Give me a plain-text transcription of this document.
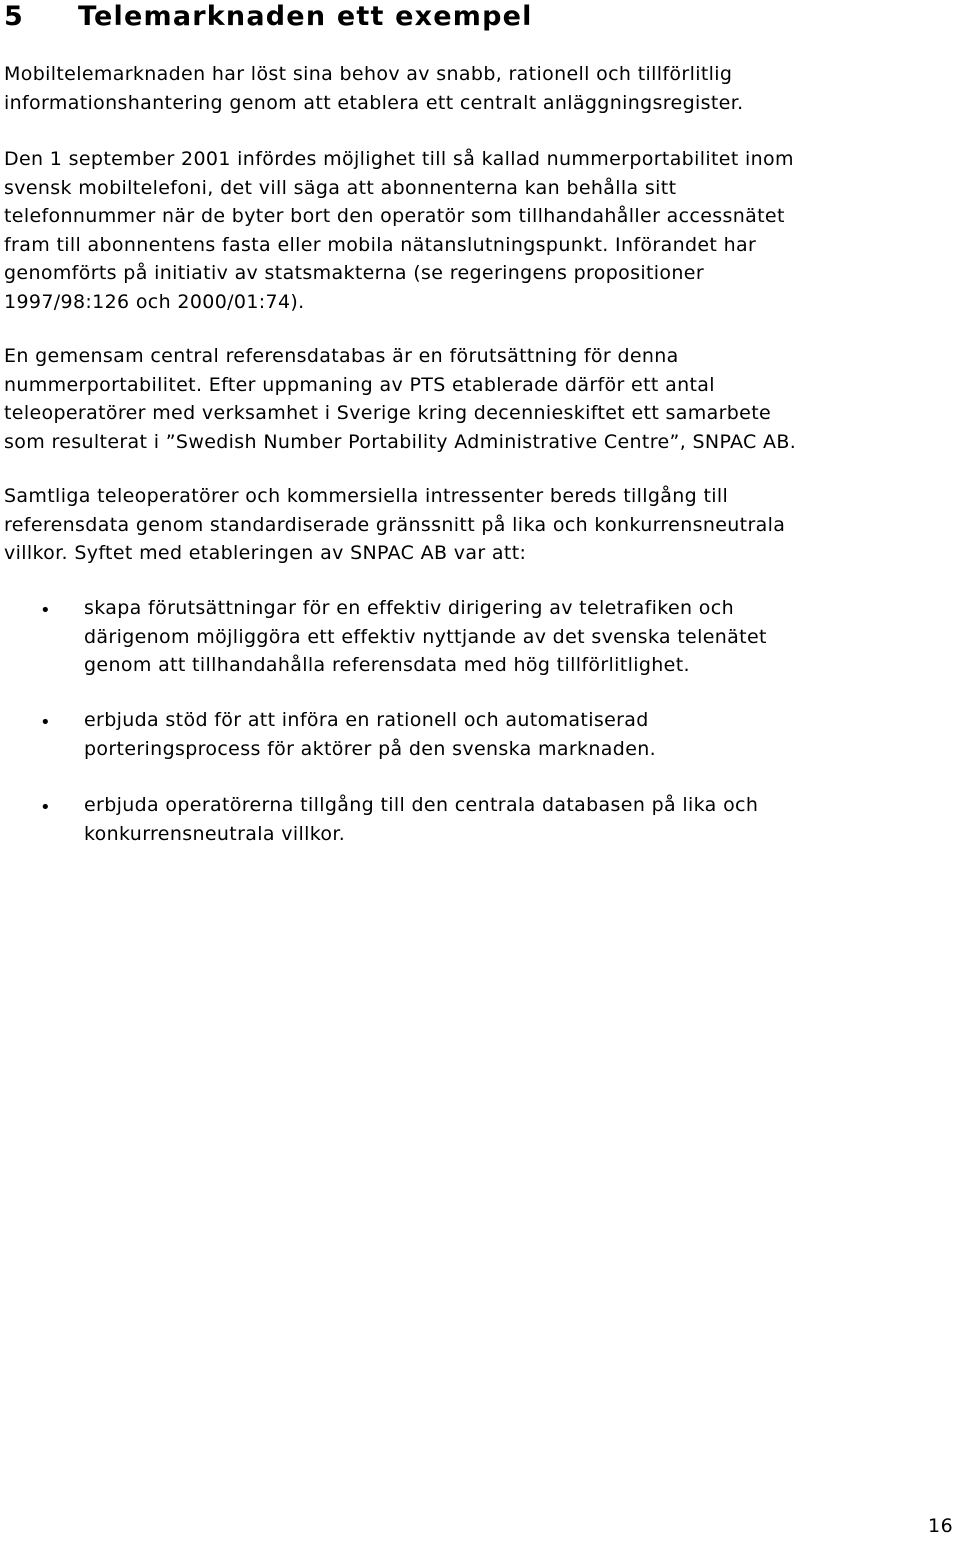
5 Telemarknaden ett exempel

Mobiltelemarknaden har löst sina behov av snabb, rationell och tillförlitlig
informationshantering genom att etablera ett centralt anläggningsregister.

Den 1 september 2001 infördes möjlighet till så kallad nummerportabilitet inom
svensk mobiltelefoni, det vill säga att abonnenterna kan behålla sitt
telefonnummer när de byter bort den operatör som tillhandahåller accessnätet
fram till abonnentens fasta eller mobila nätanslutningspunkt. Införandet har
genomförts på initiativ av statsmakterna (se regeringens propositioner
1997/98:126 och 2000/01:74).

En gemensam central referensdatabas är en förutsättning för denna
nummerportabilitet. Efter uppmaning av PTS etablerade därför ett antal
teleoperatörer med verksamhet i Sverige kring decennieskiftet ett samarbete
som resulterat i ”Swedish Number Portability Administrative Centre”, SNPAC AB.

Samtliga teleoperatörer och kommersiella intressenter bereds tillgång till
referensdata genom standardiserade gränssnitt på lika och konkurrensneutrala
villkor. Syftet med etableringen av SNPAC AB var att:

• skapa förutsättningar för en effektiv dirigering av teletrafiken och
därigenom möjliggöra ett effektiv nyttjande av det svenska telenätet
genom att tillhandahålla referensdata med hög tillförlitlighet.

• erbjuda stöd för att införa en rationell och automatiserad
porteringsprocess för aktörer på den svenska marknaden.

• erbjuda operatörerna tillgång till den centrala databasen på lika och
konkurrensneutrala villkor.

16
